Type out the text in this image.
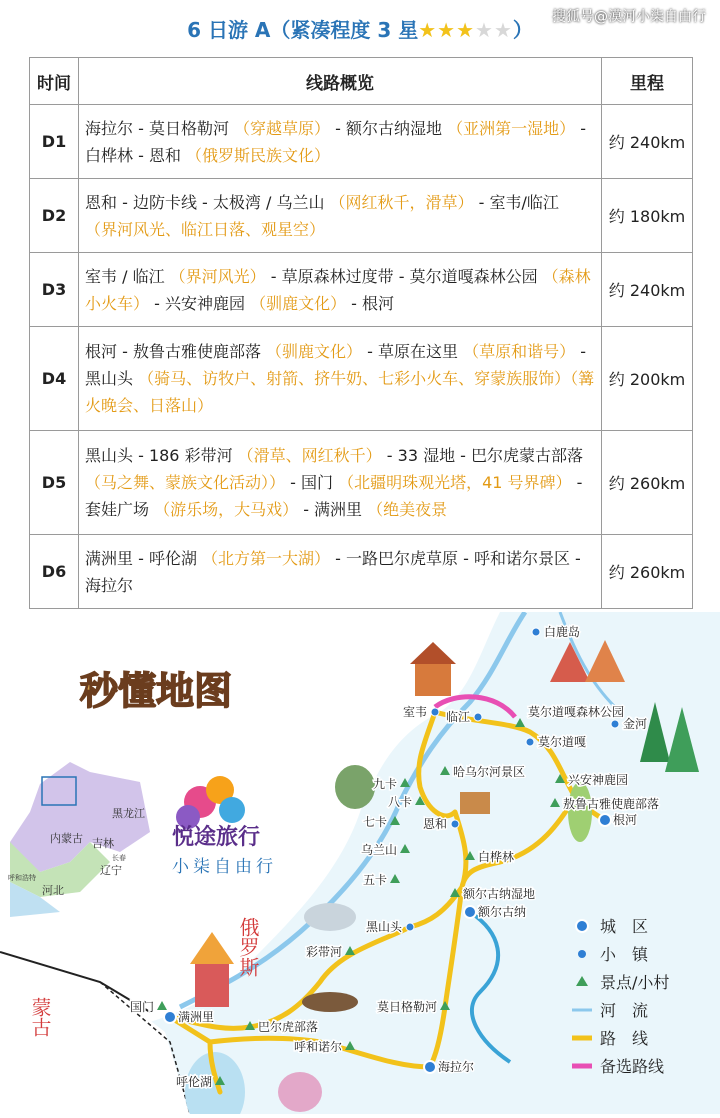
6 日游 A（紧凑程度 3 星★★★★★）
搜狐号@漠河小柒自由行
时间	线路概览	里程
D1	海拉尔 - 莫日格勒河 （穿越草原） - 额尔古纳湿地 （亚洲第一湿地） - 白桦林 - 恩和 （俄罗斯民族文化）	约 240km
D2	恩和 - 边防卡线 - 太极湾 / 乌兰山 （网红秋千，滑草） - 室韦/临江 （界河风光、临江日落、观星空）	约 180km
D3	室韦 / 临江 （界河风光） - 草原森林过度带 - 莫尔道嘎森林公园 （森林小火车） - 兴安神鹿园 （驯鹿文化） - 根河	约 240km
D4	根河 - 敖鲁古雅使鹿部落 （驯鹿文化） - 草原在这里 （草原和谐号） - 黑山头 （骑马、访牧户、射箭、挤牛奶、七彩小火车、穿蒙族服饰）（篝火晚会、日落山）	约 200km
D5	黑山头 - 186 彩带河 （滑草、网红秋千） - 33 湿地 - 巴尔虎蒙古部落 （马之舞、蒙族文化活动）） - 国门 （北疆明珠观光塔，41 号界碑） - 套娃广场 （游乐场，大马戏） - 满洲里 （绝美夜景	约 260km
D6	满洲里 - 呼伦湖 （北方第一大湖） - 一路巴尔虎草原 - 呼和诺尔景区 - 海拉尔	约 260km
秒懂地图
悦途旅行
小柒自由行
俄罗斯
蒙古
黑龙江
吉林
内蒙古
辽宁
河北
长春
呼和浩特
白鹿岛
临江
室韦	莫尔道嘎森林公园
莫尔道嘎
金河
哈乌尔河景区
兴安神鹿园
九卡
八卡
七卡
敖鲁古雅使鹿部落
恩和	根河
乌兰山	白桦林
五卡
额尔古纳湿地
额尔古纳
黑山头
彩带河
莫日格勒河
国门
满洲里
巴尔虎部落
呼和诺尔
海拉尔
呼伦湖
城　区
小　镇
景点/小村
河　流
路　线
备选路线
